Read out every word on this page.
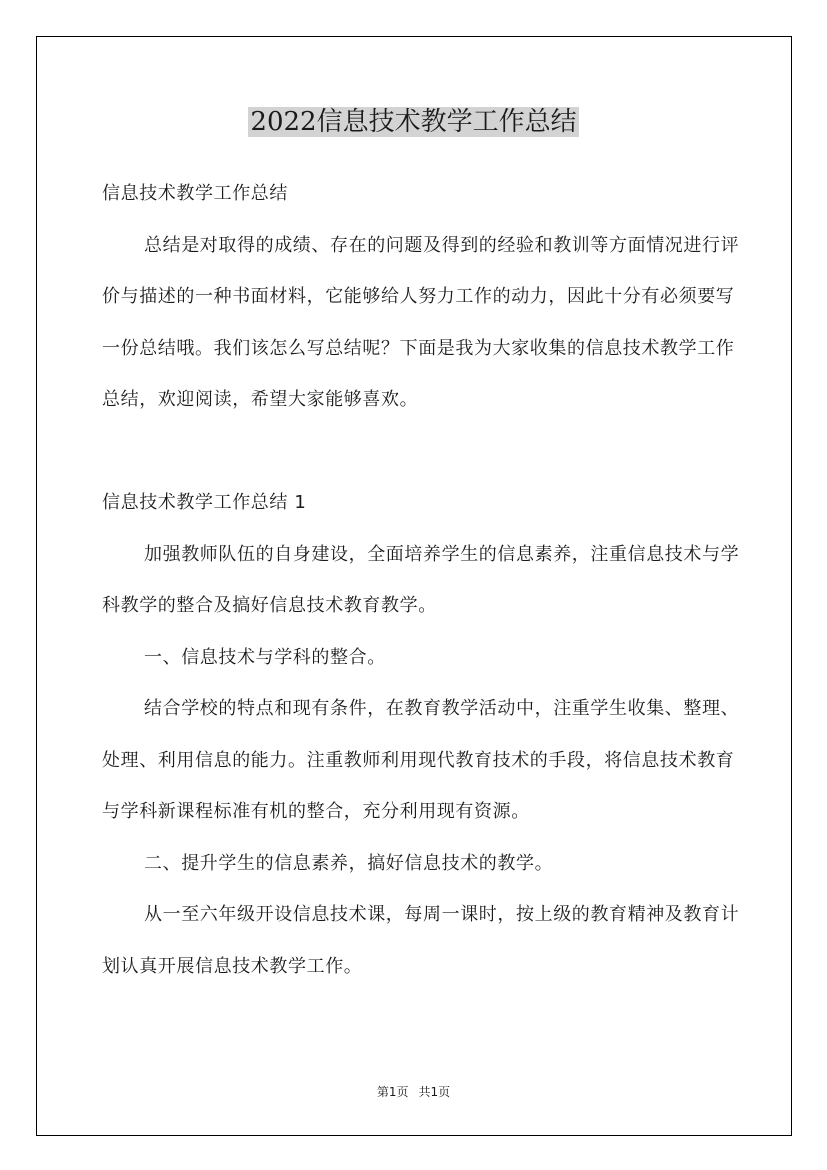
2022信息技术教学工作总结

信息技术教学工作总结

总结是对取得的成绩、存在的问题及得到的经验和教训等方面情况进行评价与描述的一种书面材料，它能够给人努力工作的动力，因此十分有必须要写一份总结哦。我们该怎么写总结呢？下面是我为大家收集的信息技术教学工作总结，欢迎阅读，希望大家能够喜欢。

信息技术教学工作总结 1

加强教师队伍的自身建设，全面培养学生的信息素养，注重信息技术与学科教学的整合及搞好信息技术教育教学。

一、信息技术与学科的整合。

结合学校的特点和现有条件，在教育教学活动中，注重学生收集、整理、处理、利用信息的能力。注重教师利用现代教育技术的手段，将信息技术教育与学科新课程标准有机的整合，充分利用现有资源。

二、提升学生的信息素养，搞好信息技术的教学。

从一至六年级开设信息技术课，每周一课时，按上级的教育精神及教育计划认真开展信息技术教学工作。

第1页 共1页
